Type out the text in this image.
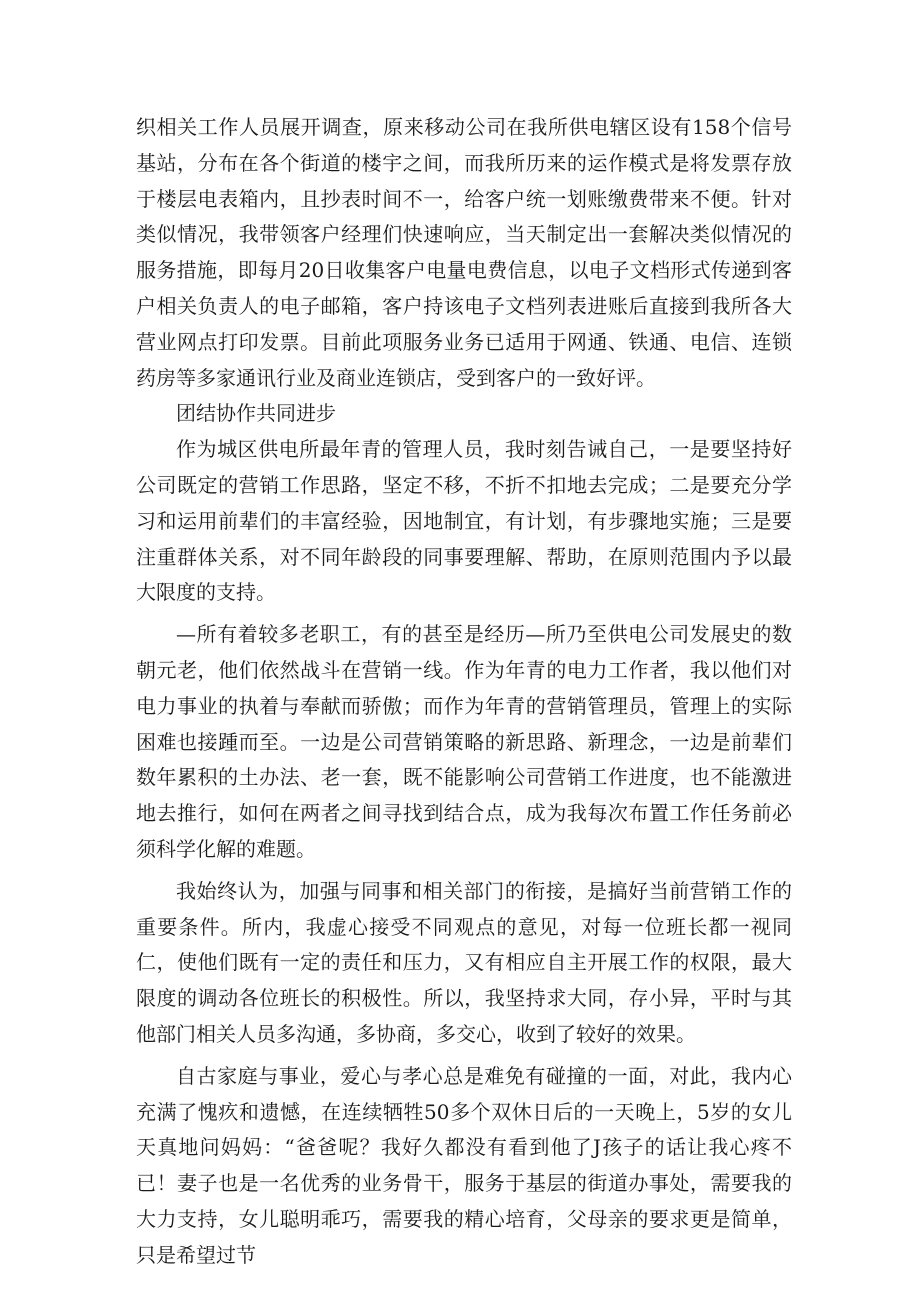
织相关工作人员展开调查，原来移动公司在我所供电辖区设有158个信号基站，分布在各个街道的楼宇之间，而我所历来的运作模式是将发票存放于楼层电表箱内，且抄表时间不一，给客户统一划账缴费带来不便。针对类似情况，我带领客户经理们快速响应，当天制定出一套解决类似情况的服务措施，即每月20日收集客户电量电费信息，以电子文档形式传递到客户相关负责人的电子邮箱，客户持该电子文档列表进账后直接到我所各大营业网点打印发票。目前此项服务业务已适用于网通、铁通、电信、连锁药房等多家通讯行业及商业连锁店，受到客户的一致好评。

团结协作共同进步

作为城区供电所最年青的管理人员，我时刻告诫自己，一是要坚持好公司既定的营销工作思路，坚定不移，不折不扣地去完成；二是要充分学习和运用前辈们的丰富经验，因地制宜，有计划，有步骤地实施；三是要注重群体关系，对不同年龄段的同事要理解、帮助，在原则范围内予以最大限度的支持。

—所有着较多老职工，有的甚至是经历—所乃至供电公司发展史的数朝元老，他们依然战斗在营销一线。作为年青的电力工作者，我以他们对电力事业的执着与奉献而骄傲；而作为年青的营销管理员，管理上的实际困难也接踵而至。一边是公司营销策略的新思路、新理念，一边是前辈们数年累积的土办法、老一套，既不能影响公司营销工作进度，也不能激进地去推行，如何在两者之间寻找到结合点，成为我每次布置工作任务前必须科学化解的难题。

我始终认为，加强与同事和相关部门的衔接，是搞好当前营销工作的重要条件。所内，我虚心接受不同观点的意见，对每一位班长都一视同仁，使他们既有一定的责任和压力，又有相应自主开展工作的权限，最大限度的调动各位班长的积极性。所以，我坚持求大同，存小异，平时与其他部门相关人员多沟通，多协商，多交心，收到了较好的效果。

自古家庭与事业，爱心与孝心总是难免有碰撞的一面，对此，我内心充满了愧疚和遗憾，在连续牺牲50多个双休日后的一天晚上，5岁的女儿天真地问妈妈：“爸爸呢？我好久都没有看到他了J孩子的话让我心疼不已！妻子也是一名优秀的业务骨干，服务于基层的街道办事处，需要我的大力支持，女儿聪明乖巧，需要我的精心培育，父母亲的要求更是简单，只是希望过节
